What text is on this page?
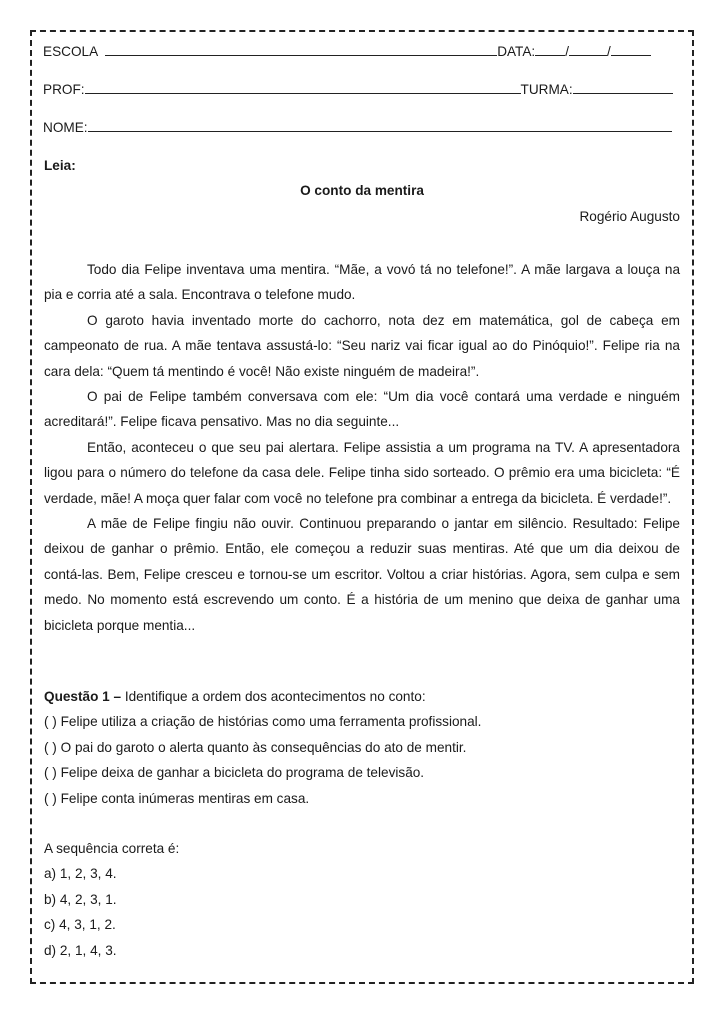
ESCOLA	DATA: /	/
PROF:	TURMA:
NOME:
Leia:
O conto da mentira
Rogério Augusto

Todo dia Felipe inventava uma mentira. “Mãe, a vovó tá no telefone!”. A mãe largava a louça na pia e corria até a sala. Encontrava o telefone mudo.

O garoto havia inventado morte do cachorro, nota dez em matemática, gol de cabeça em campeonato de rua. A mãe tentava assustá-lo: “Seu nariz vai ficar igual ao do Pinóquio!”. Felipe ria na cara dela: “Quem tá mentindo é você! Não existe ninguém de madeira!”.

O pai de Felipe também conversava com ele: “Um dia você contará uma verdade e ninguém acreditará!”. Felipe ficava pensativo. Mas no dia seguinte...

Então, aconteceu o que seu pai alertara. Felipe assistia a um programa na TV. A apresentadora ligou para o número do telefone da casa dele. Felipe tinha sido sorteado. O prêmio era uma bicicleta: “É verdade, mãe! A moça quer falar com você no telefone pra combinar a entrega da bicicleta. É verdade!”.

A mãe de Felipe fingiu não ouvir. Continuou preparando o jantar em silêncio. Resultado: Felipe deixou de ganhar o prêmio. Então, ele começou a reduzir suas mentiras. Até que um dia deixou de contá-las. Bem, Felipe cresceu e tornou-se um escritor. Voltou a criar histórias. Agora, sem culpa e sem medo. No momento está escrevendo um conto. É a história de um menino que deixa de ganhar uma bicicleta porque mentia...

Questão 1 – Identifique a ordem dos acontecimentos no conto:

( ) Felipe utiliza a criação de histórias como uma ferramenta profissional.

( ) O pai do garoto o alerta quanto às consequências do ato de mentir.

( ) Felipe deixa de ganhar a bicicleta do programa de televisão.

( ) Felipe conta inúmeras mentiras em casa.

A sequência correta é:

a) 1, 2, 3, 4.

b) 4, 2, 3, 1.

c) 4, 3, 1, 2.

d) 2, 1, 4, 3.
